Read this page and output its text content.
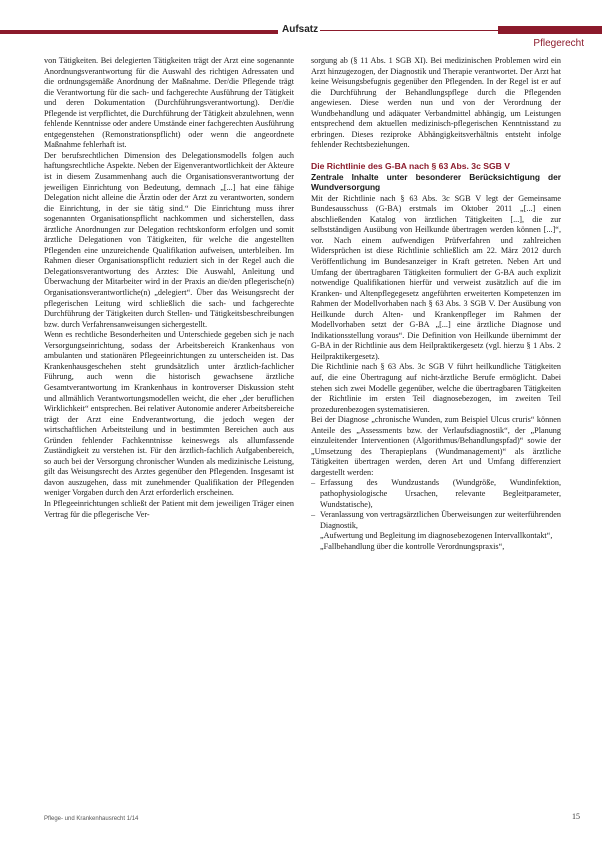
Aufsatz
Pflegerecht

von Tätigkeiten. Bei delegierten Tätigkeiten trägt der Arzt eine sogenannte Anordnungsverantwortung für die Auswahl des richtigen Adressaten und die ordnungsgemäße Anordnung der Maßnahme. Der/die Pflegende trägt die Verantwortung für die sach- und fachgerechte Ausführung der Tätigkeit und deren Dokumentation (Durchführungsverantwortung). Der/die Pflegende ist verpflichtet, die Durchführung der Tätigkeit abzulehnen, wenn fehlende Kenntnisse oder andere Umstände einer fachgerechten Ausführung entgegenstehen (Remonstrationspflicht) oder wenn die angeordnete Maßnahme fehlerhaft ist.

Der berufsrechtlichen Dimension des Delegationsmodells folgen auch haftungsrechtliche Aspekte. Neben der Eigenverantwortlichkeit der Akteure ist in diesem Zusammenhang auch die Organisationsverantwortung der jeweiligen Einrichtung von Bedeutung, demnach „[...] hat eine fähige Delegation nicht alleine die Ärztin oder der Arzt zu verantworten, sondern die Einrichtung, in der sie tätig sind.“ Die Einrichtung muss ihrer sogenannten Organisationspflicht nachkommen und sicherstellen, dass ärztliche Anordnungen zur Delegation rechtskonform erfolgen und somit ärztliche Delegationen von Tätigkeiten, für welche die angestellten Pflegenden eine unzureichende Qualifikation aufweisen, unterbleiben. Im Rahmen dieser Organisationspflicht reduziert sich in der Regel auch die Delegationsverantwortung des Arztes: Die Auswahl, Anleitung und Überwachung der Mitarbeiter wird in der Praxis an die/den pflegerische(n) Organisationsverantwortliche(n) „delegiert“. Über das Weisungsrecht der pflegerischen Leitung wird schließlich die sach- und fachgerechte Durchführung der Tätigkeiten durch Stellen- und Tätigkeitsbeschreibungen bzw. durch Verfahrensanweisungen sichergestellt.

Wenn es rechtliche Besonderheiten und Unterschiede gegeben sich je nach Versorgungseinrichtung, sodass der Arbeitsbereich Krankenhaus von ambulanten und stationären Pflegeeinrichtungen zu unterscheiden ist. Das Krankenhausgeschehen steht grundsätzlich unter ärztlich-fachlicher Führung, auch wenn die historisch gewachsene ärztliche Gesamtverantwortung im Krankenhaus in kontroverser Diskussion steht und allmählich Verantwortungsmodellen weicht, die eher „der beruflichen Wirklichkeit“ entsprechen. Bei relativer Autonomie anderer Arbeitsbereiche trägt der Arzt eine Endverantwortung, die jedoch wegen der wirtschaftlichen Arbeitsteilung und in bestimmten Bereichen auch aus Gründen fehlender Fachkenntnisse keineswegs als allumfassende Zuständigkeit zu verstehen ist. Für den ärztlich-fachlich Aufgabenbereich, so auch bei der Versorgung chronischer Wunden als medizinische Leistung, gilt das Weisungsrecht des Arztes gegenüber den Pflegenden. Insgesamt ist davon auszugehen, dass mit zunehmender Qualifikation der Pflegenden weniger Vorgaben durch den Arzt erforderlich erscheinen.

In Pflegeeinrichtungen schließt der Patient mit dem jeweiligen Träger einen Vertrag für die pflegerische Ver-

sorgung ab (§ 11 Abs. 1 SGB XI). Bei medizinischen Problemen wird ein Arzt hinzugezogen, der Diagnostik und Therapie verantwortet. Der Arzt hat keine Weisungsbefugnis gegenüber den Pflegenden. In der Regel ist er auf die Durchführung der Behandlungspflege durch die Pflegenden angewiesen. Diese werden nun und von der Verordnung der Wundbehandlung und adäquater Verbandmittel abhängig, um Leistungen entsprechend dem aktuellen medizinisch-pflegerischen Kenntnisstand zu erbringen. Dieses reziproke Abhängigkeitsverhältnis entsteht infolge fehlender Rechtsbeziehungen.

Die Richtlinie des G-BA nach § 63 Abs. 3c SGB V
Zentrale Inhalte unter besonderer Berücksichtigung der Wundversorgung

Mit der Richtlinie nach § 63 Abs. 3c SGB V legt der Gemeinsame Bundesausschuss (G-BA) erstmals im Oktober 2011 „[...] einen abschließenden Katalog von ärztlichen Tätigkeiten [...], die zur selbstständigen Ausübung von Heilkunde übertragen werden können [...]“, vor. Nach einem aufwendigen Prüfverfahren und zahlreichen Widersprüchen ist diese Richtlinie schließlich am 22. März 2012 durch Veröffentlichung im Bundesanzeiger in Kraft getreten. Neben Art und Umfang der übertragbaren Tätigkeiten formuliert der G-BA auch explizit notwendige Qualifikationen hierfür und verweist zusätzlich auf die im Kranken- und Altenpflegegesetz angeführten erweiterten Kompetenzen im Rahmen der Modellvorhaben nach § 63 Abs. 3 SGB V. Der Ausübung von Heilkunde durch Alten- und Krankenpfleger im Rahmen der Modellvorhaben setzt der G-BA „[...] eine ärztliche Diagnose und Indikationsstellung voraus“. Die Definition von Heilkunde übernimmt der G-BA in der Richtlinie aus dem Heilpraktikergesetz (vgl. hierzu § 1 Abs. 2 Heilpraktikergesetz).

Die Richtlinie nach § 63 Abs. 3c SGB V führt heilkundliche Tätigkeiten auf, die eine Übertragung auf nicht-ärztliche Berufe ermöglicht. Dabei stehen sich zwei Modelle gegenüber, welche die übertragbaren Tätigkeiten der Richtlinie im ersten Teil diagnosebezogen, im zweiten Teil prozedurenbezogen systematisieren.

Bei der Diagnose „chronische Wunden, zum Beispiel Ulcus cruris“ können Anteile des „Assessments bzw. der Verlaufsdiagnostik“, der „Planung einzuleitender Interventionen (Algorithmus/Behandlungspfad)“ sowie der „Umsetzung des Therapieplans (Wundmanagement)“ als ärztliche Tätigkeiten übertragen werden, deren Art und Umfang differenziert dargestellt werden:

– Erfassung des Wundzustands (Wundgröße, Wundinfektion, pathophysiologische Ursachen, relevante Begleitparameter, Wundstatische),
– Veranlassung von vertragsärztlichen Überweisungen zur weiterführenden Diagnostik,
„Aufwertung und Begleitung im diagnosebezogenen Intervallkontakt“,
„Fallbehandlung über die kontrolle Verordnungspraxis“,
Pflege- und Krankenhausrecht 1/14	15
